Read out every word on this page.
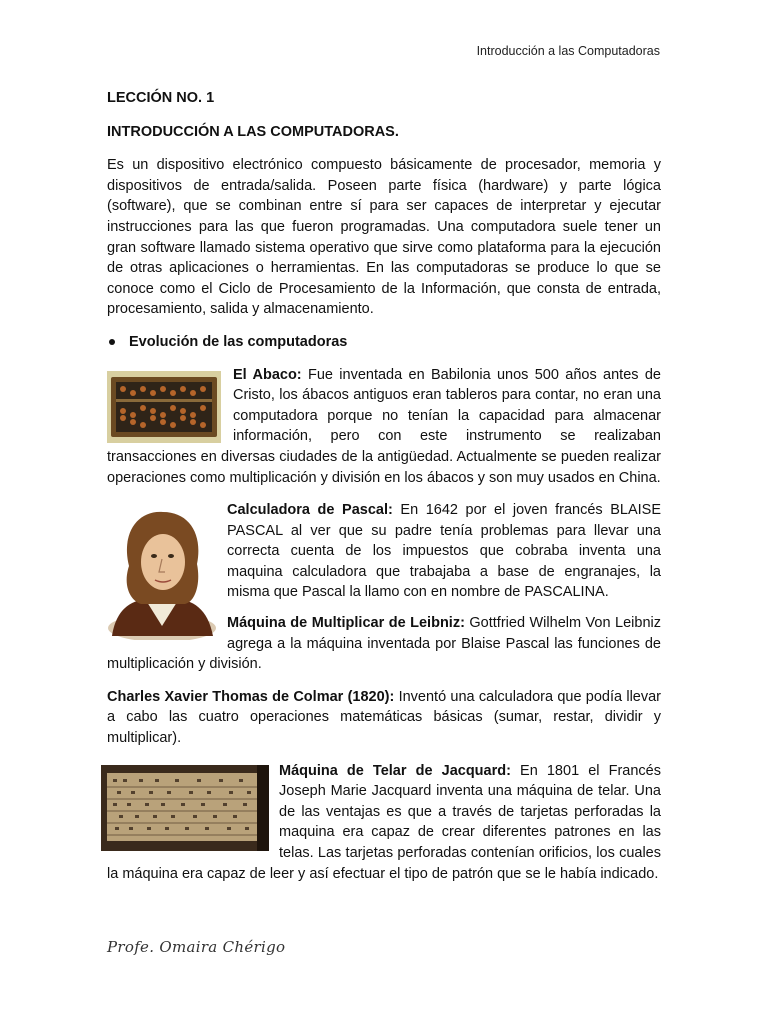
Introducción a las Computadoras
LECCIÓN NO. 1
INTRODUCCIÓN A LAS COMPUTADORAS.

Es un dispositivo electrónico compuesto básicamente de procesador, memoria y dispositivos de entrada/salida. Poseen parte física (hardware) y parte lógica (software), que se combinan entre sí para ser capaces de interpretar y ejecutar instrucciones para las que fueron programadas. Una computadora suele tener un gran software llamado sistema operativo que sirve como plataforma para la ejecución de otras aplicaciones o herramientas. En las computadoras se produce lo que se conoce como el Ciclo de Procesamiento de la Información, que consta de entrada, procesamiento, salida y almacenamiento.

Evolución de las computadoras

El Abaco: Fue inventada en Babilonia unos 500 años antes de Cristo, los ábacos antiguos eran tableros para contar, no eran una computadora porque no tenían la capacidad para almacenar información, pero con este instrumento se realizaban transacciones en diversas ciudades de la antigüedad. Actualmente se pueden realizar operaciones como multiplicación y división en los ábacos y son muy usados en China.

Calculadora de Pascal: En 1642 por el joven francés BLAISE PASCAL al ver que su padre tenía problemas para llevar una correcta cuenta de los impuestos que cobraba inventa una maquina calculadora que trabajaba a base de engranajes, la misma que Pascal la llamo con en nombre de PASCALINA.

Máquina de Multiplicar de Leibniz: Gottfried Wilhelm Von Leibniz agrega a la máquina inventada por Blaise Pascal las funciones de multiplicación y división.

Charles Xavier Thomas de Colmar (1820): Inventó una calculadora que podía llevar a cabo las cuatro operaciones matemáticas básicas (sumar, restar, dividir y multiplicar).

Máquina de Telar de Jacquard: En 1801 el Francés Joseph Marie Jacquard inventa una máquina de telar. Una de las ventajas es que a través de tarjetas perforadas la maquina era capaz de crear diferentes patrones en las telas. Las tarjetas perforadas contenían orificios, los cuales la máquina era capaz de leer y así efectuar el tipo de patrón que se le había indicado.

Profe. Omaira Chérigo
